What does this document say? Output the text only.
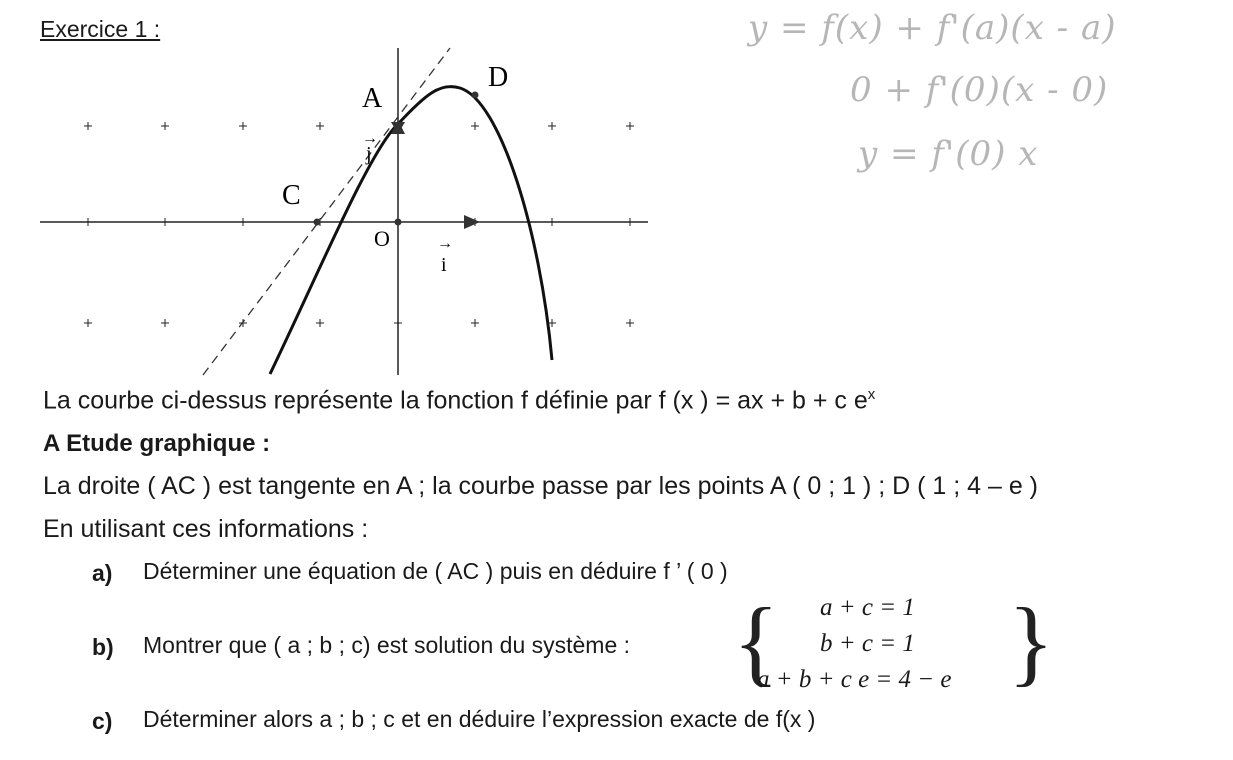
Exercice 1 :
A
D
C
O
→
j
→
i
y = f(x) + f'(a)(x - a)
0 + f'(0)(x - 0)
y = f'(0) x
La courbe ci-dessus représente la fonction f définie par f (x ) = ax + b + c $e^x$
A Etude graphique :
La droite ( AC ) est tangente en A ; la courbe passe par les points A ( 0 ; 1 ) ; D ( 1 ; 4 – e )
En utilisant ces informations :
a) Déterminer une équation de ( AC ) puis en déduire f ’ ( 0 )
b) Montrer que ( a ; b ; c) est solution du système : { a + c = 1
b + c = 1
a + b + c e = 4 − e }
c) Déterminer alors a ; b ; c et en déduire l’expression exacte de f(x )
